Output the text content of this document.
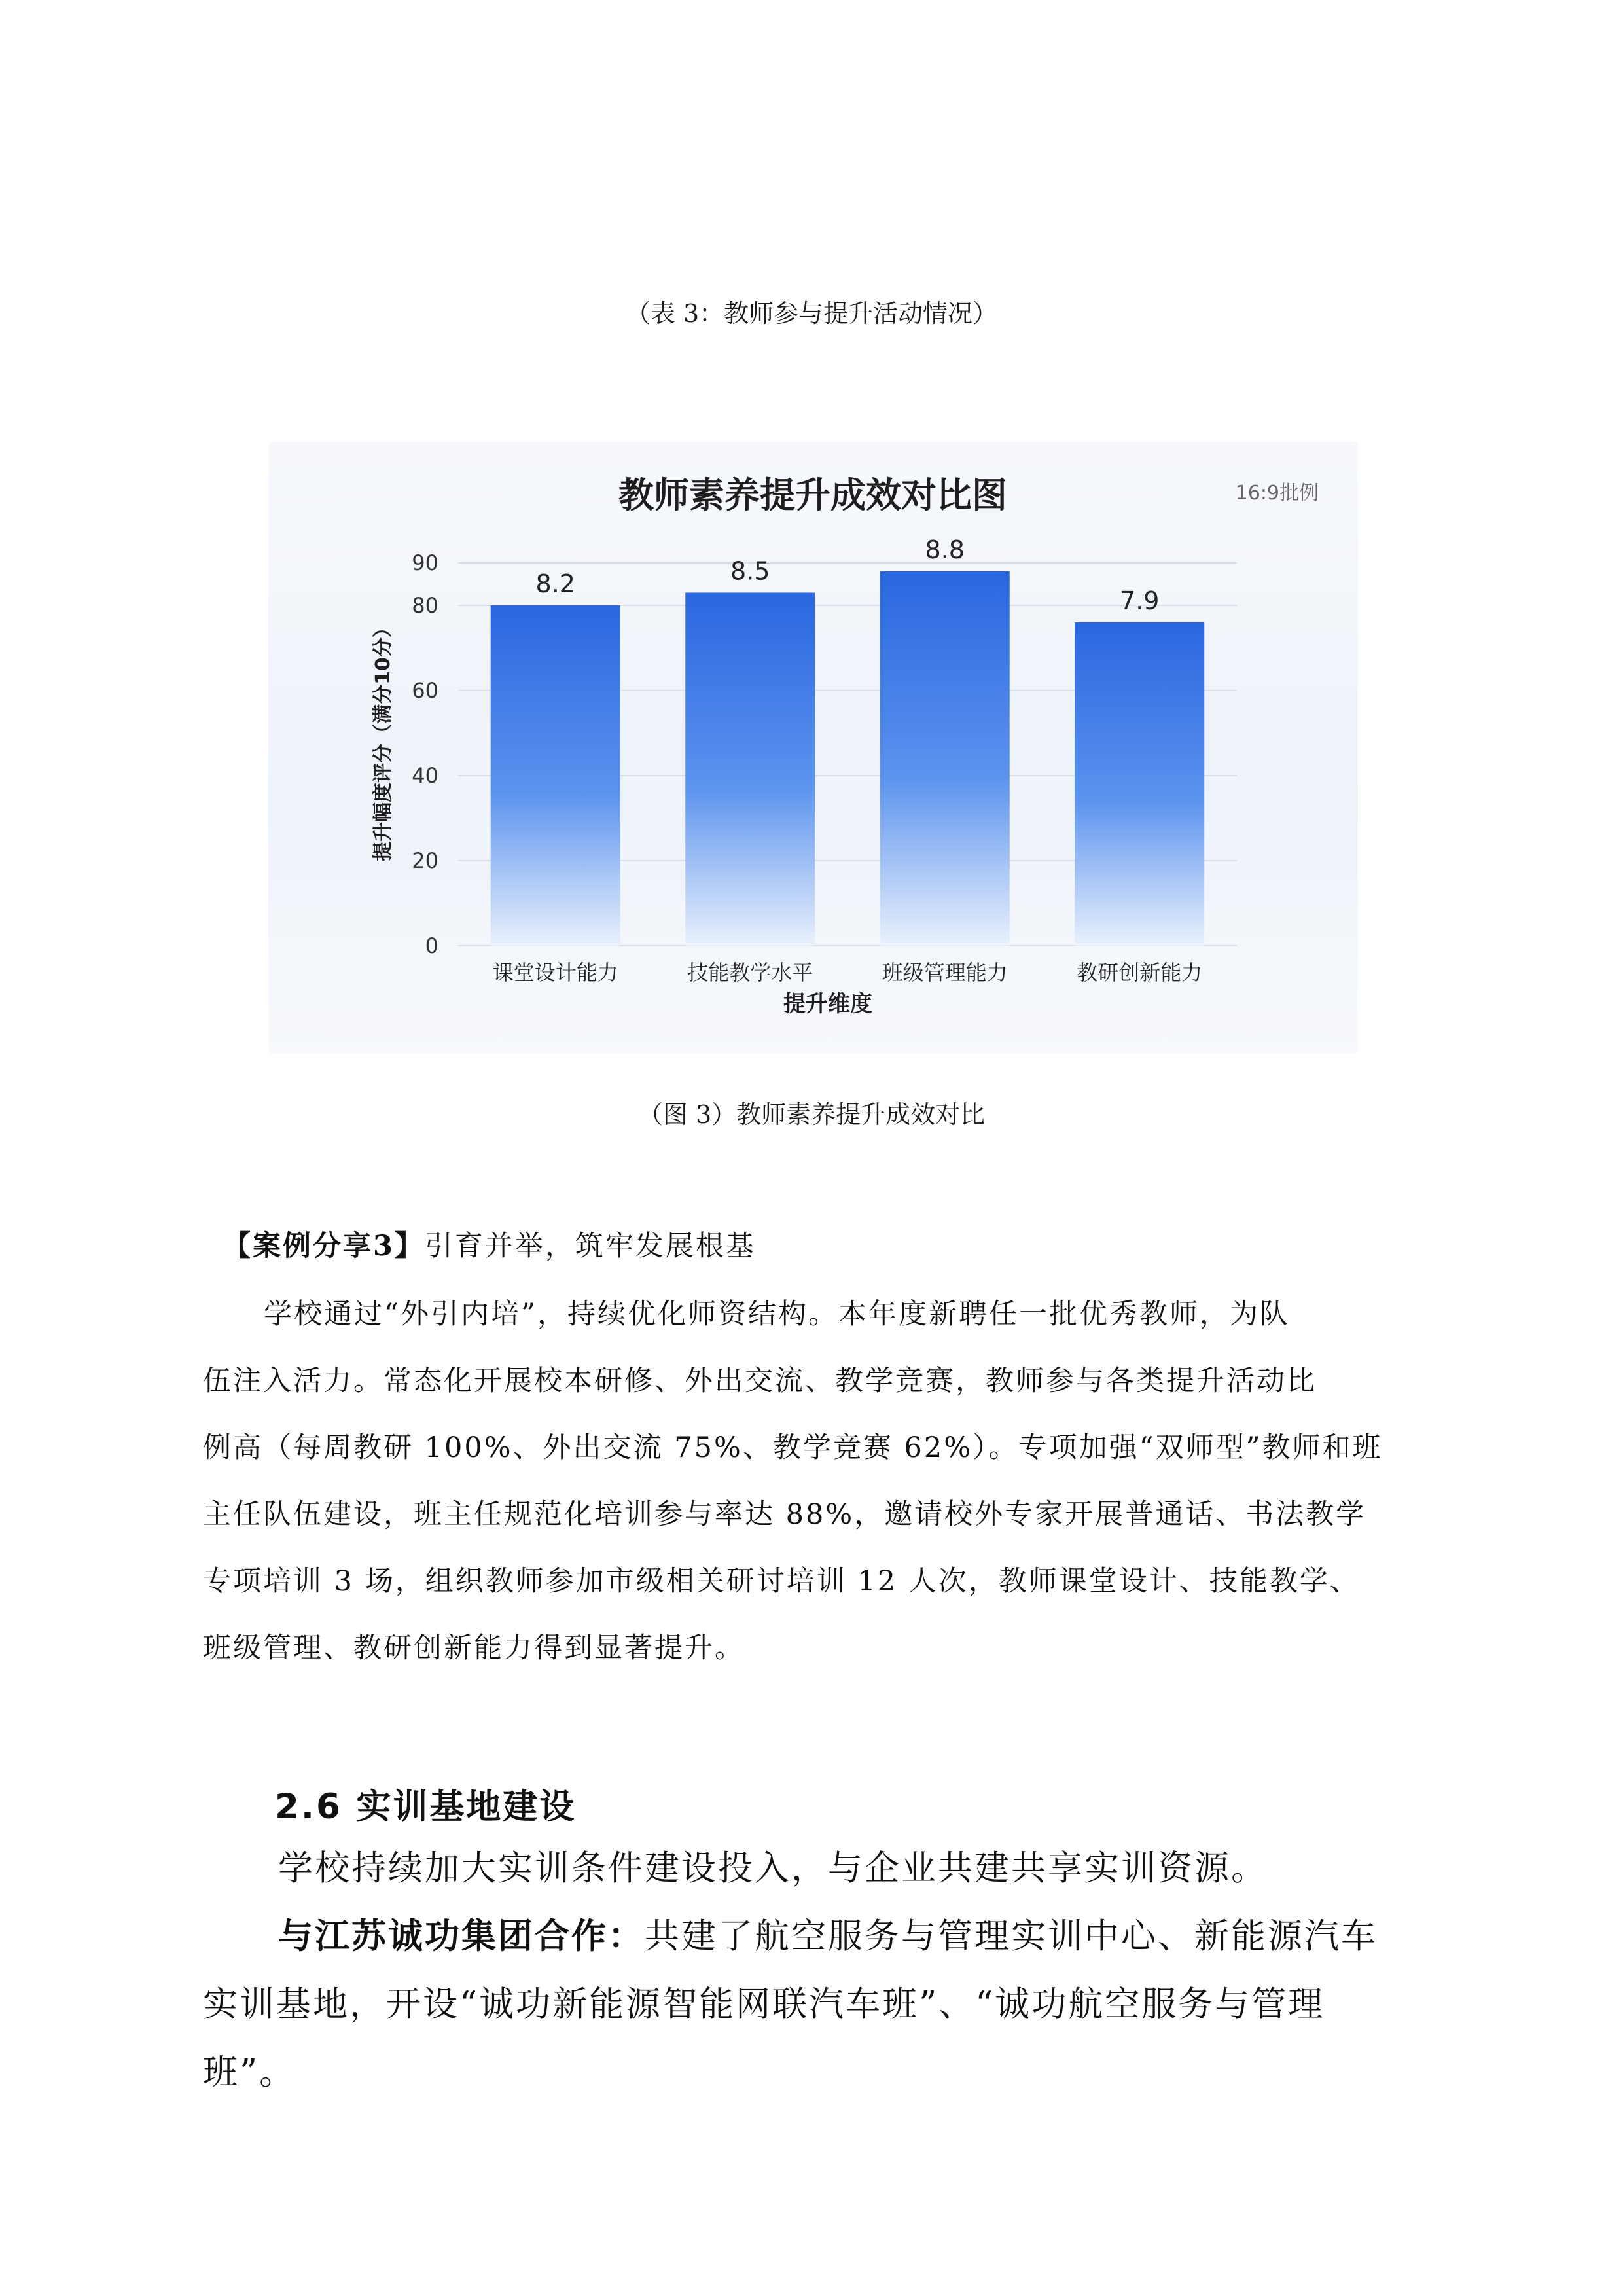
（表 3：教师参与提升活动情况）
教师素养提升成效对比图	16:9批例
0
20
40
60
80
90
8.2	8.5
8.8
7.9
课堂设计能力	技能教学水平	班级管理能力	教研创新能力
提升维度
提升幅度评分（满分10分）
（图 3）教师素养提升成效对比
【案例分享3】引育并举，筑牢发展根基
学校通过“外引内培”，持续优化师资结构。本年度新聘任一批优秀教师，为队
伍注入活力。常态化开展校本研修、外出交流、教学竞赛，教师参与各类提升活动比
例高（每周教研 100%、外出交流 75%、教学竞赛 62%）。专项加强“双师型”教师和班
主任队伍建设，班主任规范化培训参与率达 88%，邀请校外专家开展普通话、书法教学
专项培训 3 场，组织教师参加市级相关研讨培训 12 人次，教师课堂设计、技能教学、
班级管理、教研创新能力得到显著提升。
2.6 实训基地建设
学校持续加大实训条件建设投入，与企业共建共享实训资源。
与江苏诚功集团合作：共建了航空服务与管理实训中心、新能源汽车
实训基地，开设“诚功新能源智能网联汽车班”、“诚功航空服务与管理
班”。
